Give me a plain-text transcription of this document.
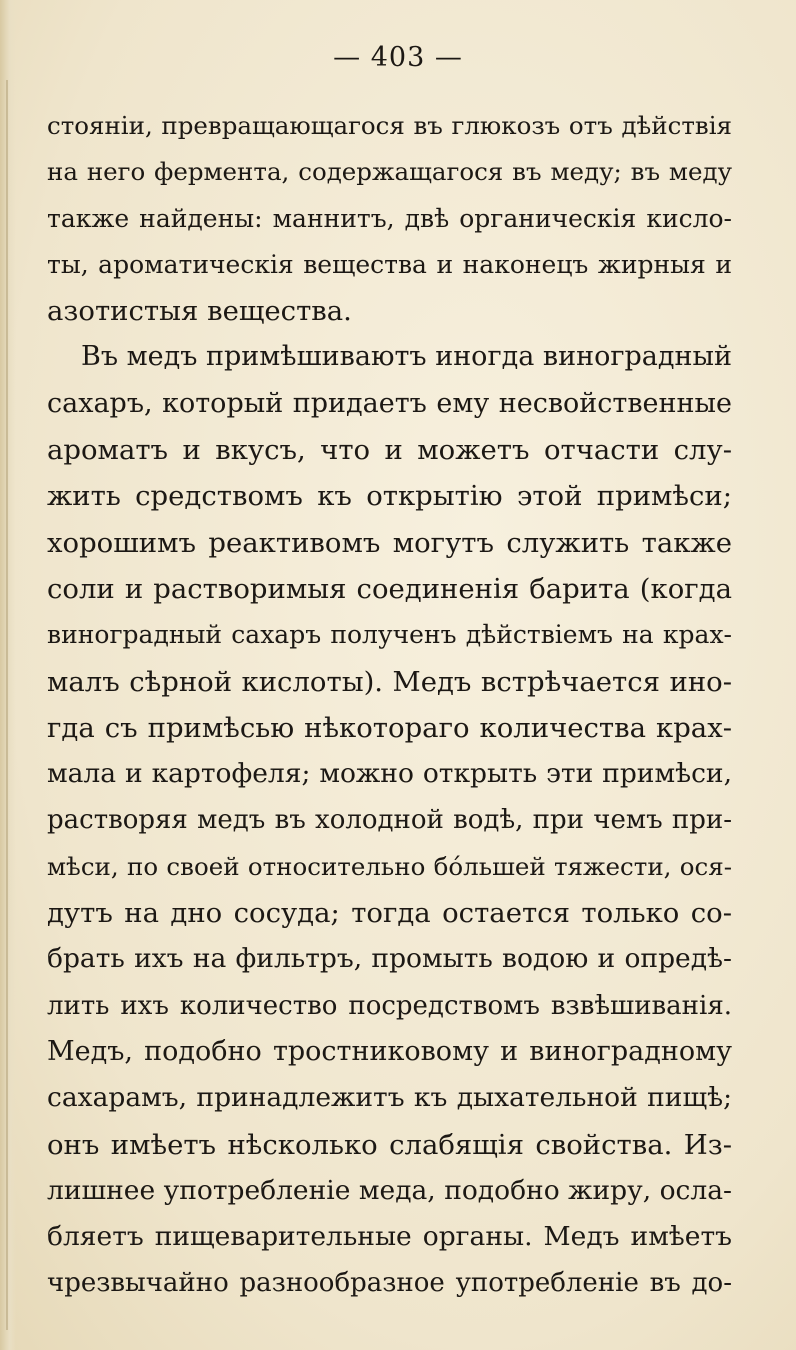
— 403 —
стоянiи, превращающагося въ глюкозъ отъ дѣйствiя
на него фермента, содержащагося въ меду; въ меду
также найдены: маннитъ, двѣ органическiя кисло-
ты, ароматическiя вещества и наконецъ жирныя и
азотистыя вещества.
Въ медъ примѣшиваютъ иногда виноградный
сахаръ, который придаетъ ему несвойственные
ароматъ и вкусъ, что и можетъ отчасти слу-
жить средствомъ къ открытiю этой примѣси;
хорошимъ реактивомъ могутъ служить также
соли и растворимыя соединенiя барита (когда
виноградный сахаръ полученъ дѣйствiемъ на крах-
малъ сѣрной кислоты). Медъ встрѣчается ино-
гда съ примѣсью нѣкотораго количества крах-
мала и картофеля; можно открыть эти примѣси,
растворяя медъ въ холодной водѣ, при чемъ при-
мѣси, по своей относительно бóльшей тяжести, ося-
дутъ на дно сосуда; тогда остается только со-
брать ихъ на фильтръ, промыть водою и опредѣ-
лить ихъ количество посредствомъ взвѣшиванiя.
Медъ, подобно тростниковому и виноградному
сахарамъ, принадлежитъ къ дыхательной пищѣ;
онъ имѣетъ нѣсколько слабящiя свойства. Из-
лишнее употребленiе меда, подобно жиру, осла-
бляетъ пищеварительные органы. Медъ имѣетъ
чрезвычайно разнообразное употребленiе въ до-
